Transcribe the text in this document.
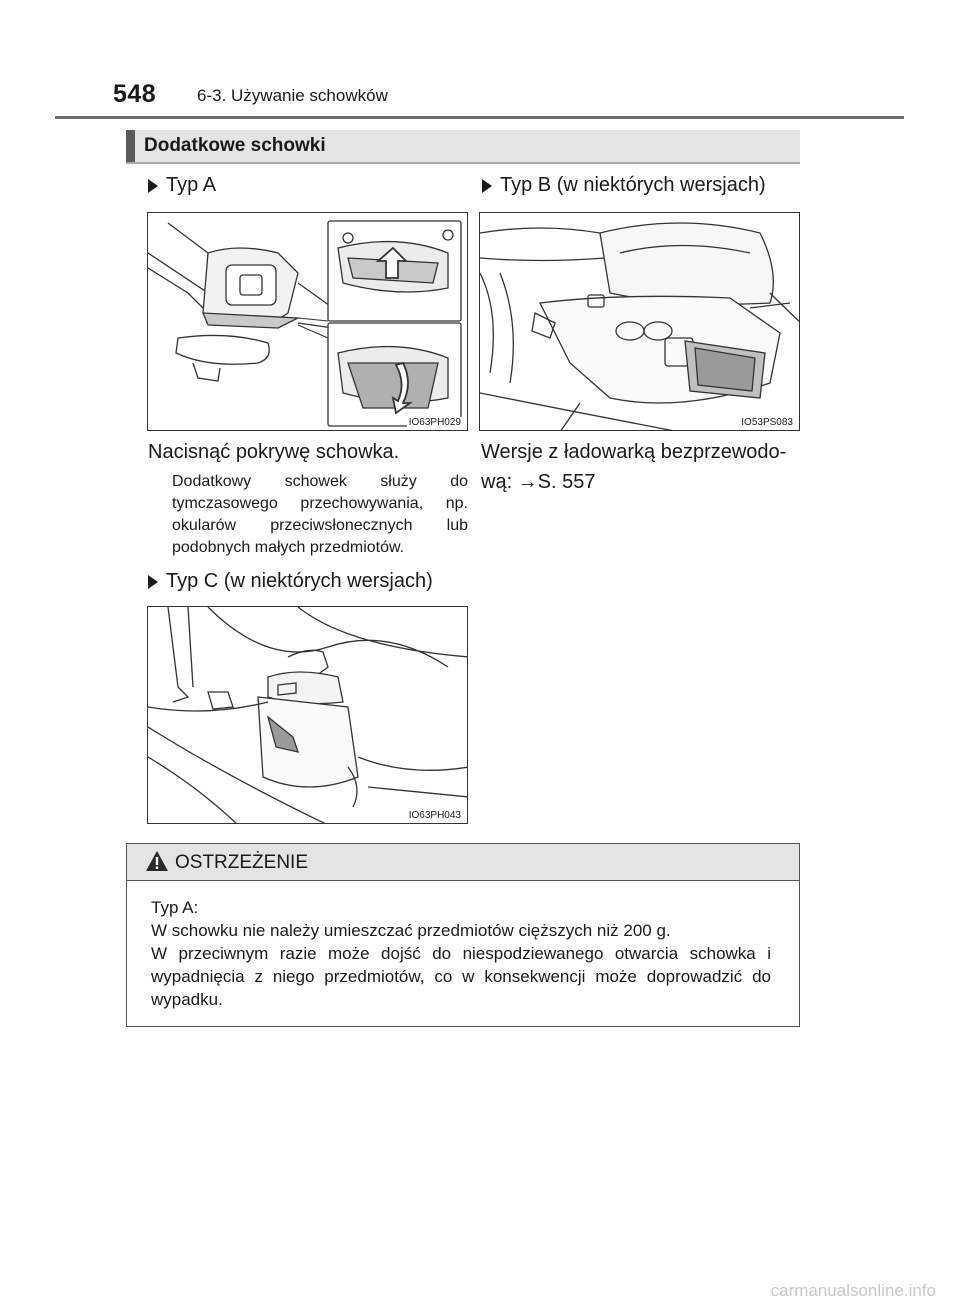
548 6-3. Używanie schowków
Dodatkowe schowki
Typ A
IO63PH029
Nacisnąć pokrywę schowka.
Dodatkowy schowek służy do tymczasowego przechowywania, np. okularów przeciwsłonecznych lub podobnych małych przedmiotów.
Typ B (w niektórych wersjach)
IO53PS083
Wersje z ładowarką bezprzewodo-
wą: →S. 557
Typ C (w niektórych wersjach)
IO63PH043
OSTRZEŻENIE
Typ A:
W schowku nie należy umieszczać przedmiotów cięższych niż 200 g.
W przeciwnym razie może dojść do niespodziewanego otwarcia schowka i wypadnięcia z niego przedmiotów, co w konsekwencji może doprowadzić do wypadku.
carmanualsonline.info
